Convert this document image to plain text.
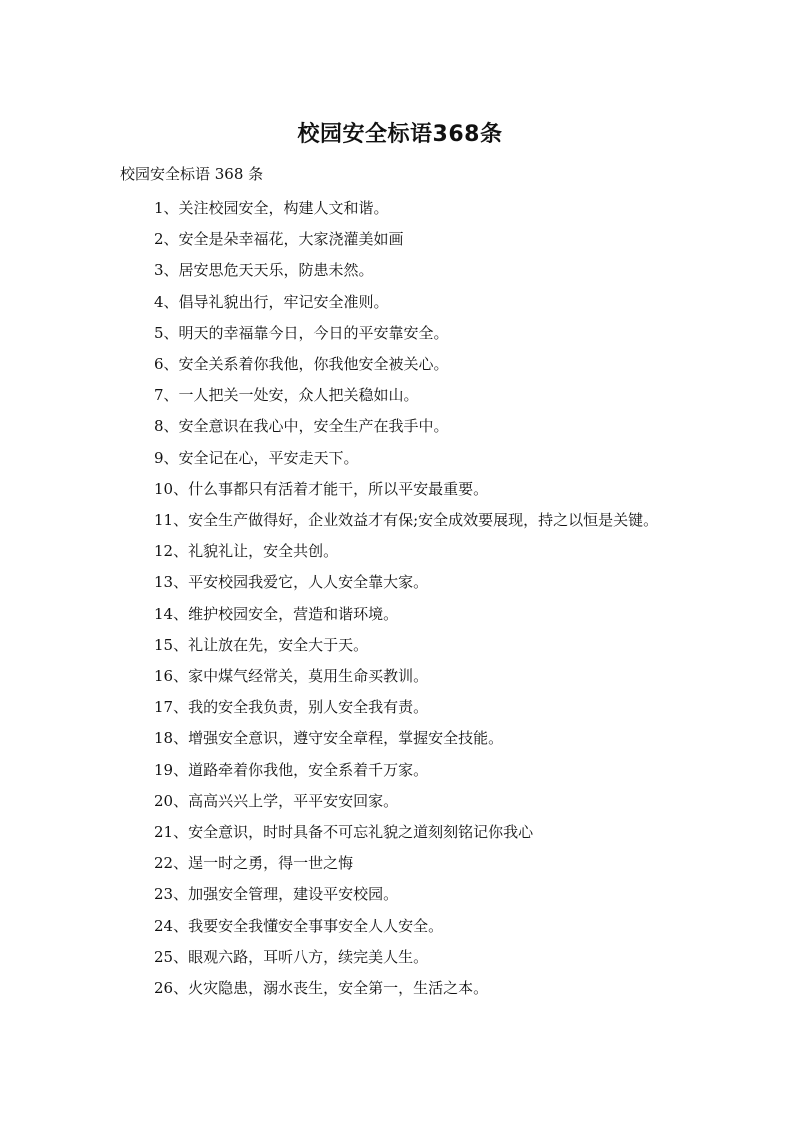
校园安全标语368条
校园安全标语 368 条
1、关注校园安全，构建人文和谐。
2、安全是朵幸福花，大家浇灌美如画
3、居安思危天天乐，防患未然。
4、倡导礼貌出行，牢记安全准则。
5、明天的幸福靠今日，今日的平安靠安全。
6、安全关系着你我他，你我他安全被关心。
7、一人把关一处安，众人把关稳如山。
8、安全意识在我心中，安全生产在我手中。
9、安全记在心，平安走天下。
10、什么事都只有活着才能干，所以平安最重要。
11、安全生产做得好，企业效益才有保;安全成效要展现，持之以恒是关键。
12、礼貌礼让，安全共创。
13、平安校园我爱它，人人安全靠大家。
14、维护校园安全，营造和谐环境。
15、礼让放在先，安全大于天。
16、家中煤气经常关，莫用生命买教训。
17、我的安全我负责，别人安全我有责。
18、增强安全意识，遵守安全章程，掌握安全技能。
19、道路牵着你我他，安全系着千万家。
20、高高兴兴上学，平平安安回家。
21、安全意识，时时具备不可忘礼貌之道刻刻铭记你我心
22、逞一时之勇，得一世之悔
23、加强安全管理，建设平安校园。
24、我要安全我懂安全事事安全人人安全。
25、眼观六路，耳听八方，续完美人生。
26、火灾隐患，溺水丧生，安全第一，生活之本。
